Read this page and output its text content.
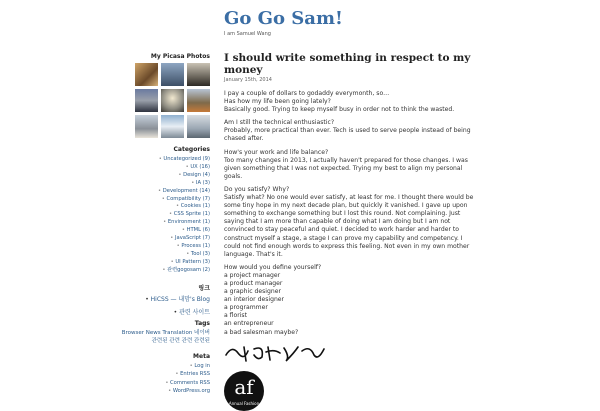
Go Go Sam!
I am Samuel Wang
My Picasa Photos
Categories
• Uncategorized (9)
• UX (16)
• Design (4)
• IA (3)
• Development (14)
• Compatibility (7)
• Cookies (1)
• CSS Sprite (1)
• Environment (1)
• HTML (6)
• JavaScript (7)
• Process (1)
• Tool (3)
• UI Pattern (3)
• 관련gogosam (2)
링크
• HiCSS — 내맘's Blog
• 관련 사이트
Tags
Browser News Translation 네이버
관련된 관련 관련 관련된
Meta
• Log in
• Entries RSS
• Comments RSS
• WordPress.org
I should write something in respect to my money
January 15th, 2014

I pay a couple of dollars to godaddy everymonth, so…
Has how my life been going lately?
Basically good. Trying to keep myself busy in order not to think the wasted.

Am I still the technical enthusiastic?
Probably, more practical than ever. Tech is used to serve people instead of being chased after.

How's your work and life balance?
Too many changes in 2013, I actually haven't prepared for those changes. I was given something that I was not expected. Trying my best to align my personal goals.

Do you satisfy? Why?
Satisfy what? No one would ever satisfy, at least for me. I thought there would be some tiny hope in my next decade plan, but quickly it vanished. I gave up upon something to exchange something but I lost this round. Not complaining. Just saying that I am more than capable of doing what I am doing but I am not convinced to stay peaceful and quiet. I decided to work harder and harder to construct myself a stage, a stage I can prove my capability and competency. I could not find enough words to express this feeling. Not even in my own mother language. That's it.

How would you define yourself?
a project manager
a product manager
a graphic designer
an interior designer
a programmer
a florist
an entrepreneur
a bad salesman maybe?

af
Annual Fashion
